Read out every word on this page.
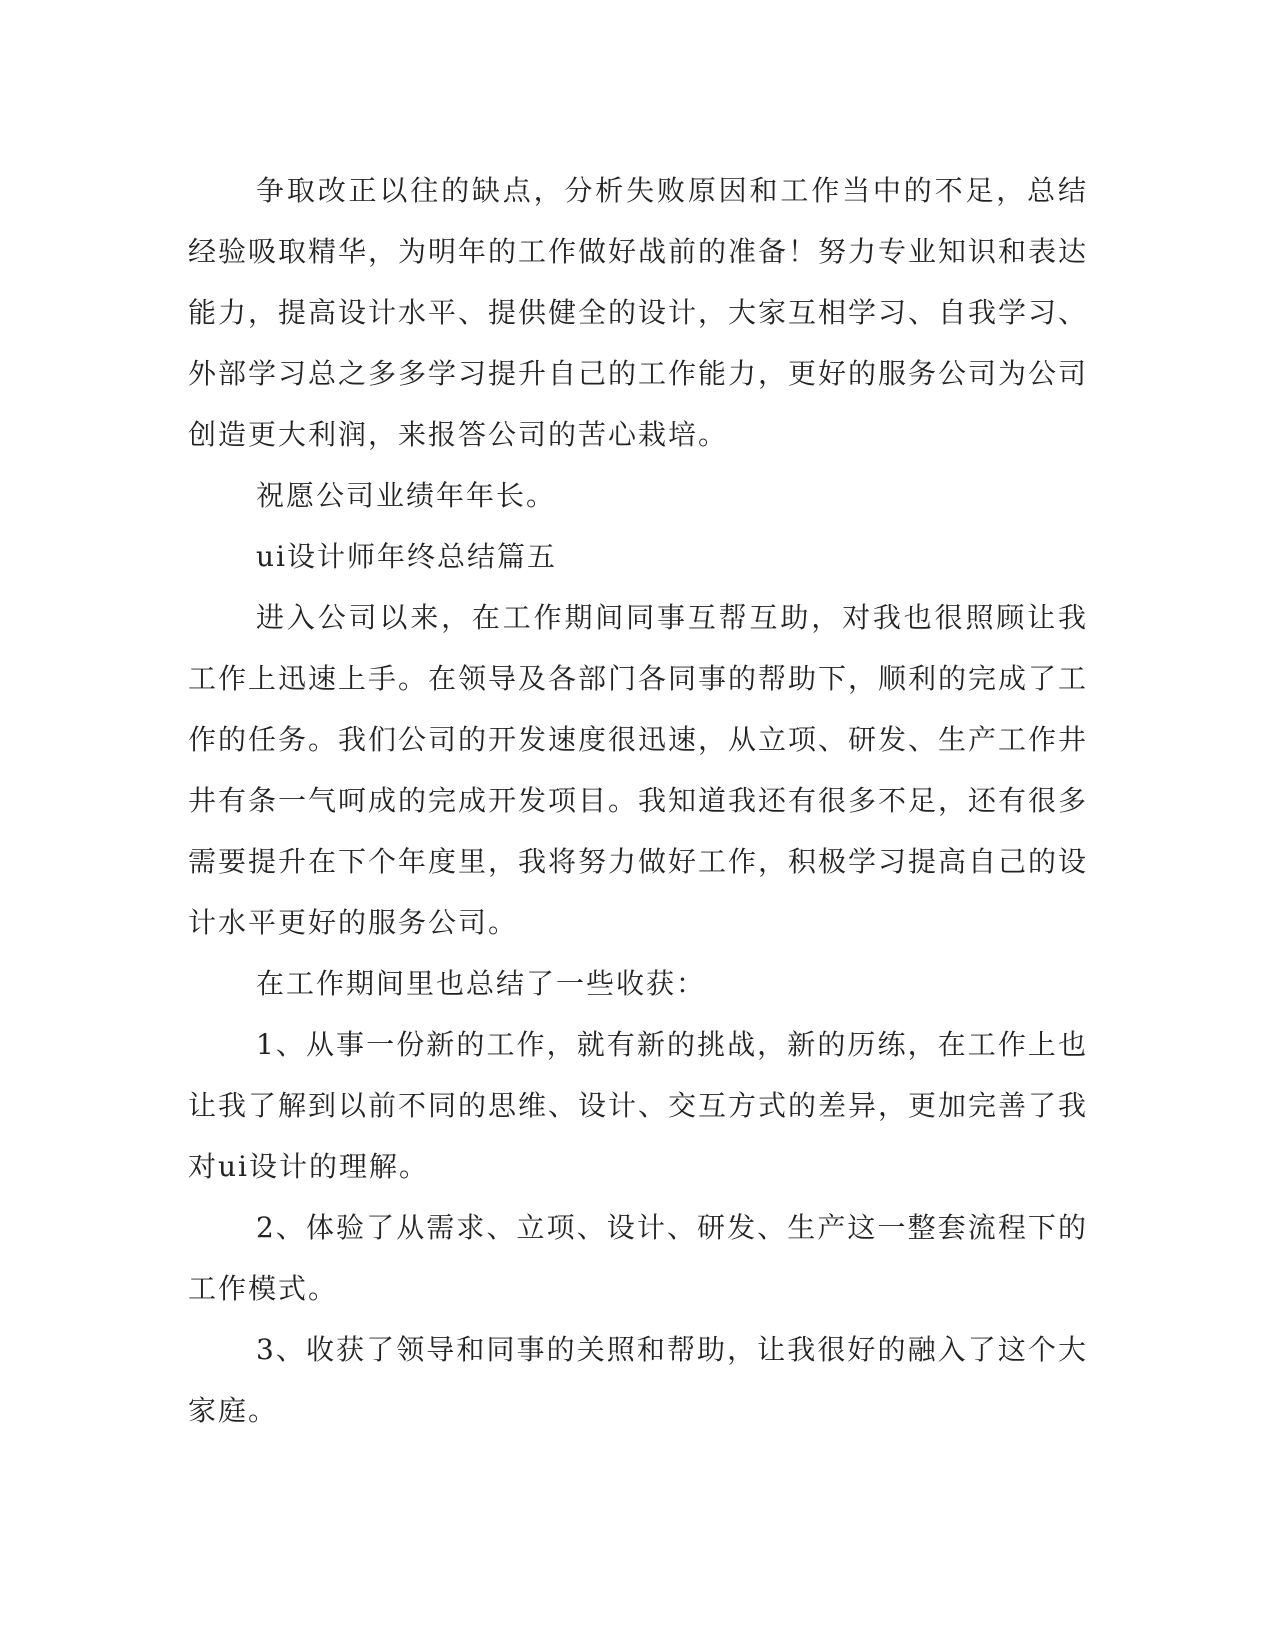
争取改正以往的缺点，分析失败原因和工作当中的不足，总结经验吸取精华，为明年的工作做好战前的准备！努力专业知识和表达能力，提高设计水平、提供健全的设计，大家互相学习、自我学习、外部学习总之多多学习提升自己的工作能力，更好的服务公司为公司创造更大利润，来报答公司的苦心栽培。

祝愿公司业绩年年长。

ui设计师年终总结篇五

进入公司以来，在工作期间同事互帮互助，对我也很照顾让我工作上迅速上手。在领导及各部门各同事的帮助下，顺利的完成了工作的任务。我们公司的开发速度很迅速，从立项、研发、生产工作井井有条一气呵成的完成开发项目。我知道我还有很多不足，还有很多需要提升在下个年度里，我将努力做好工作，积极学习提高自己的设计水平更好的服务公司。

在工作期间里也总结了一些收获：

1、从事一份新的工作，就有新的挑战，新的历练，在工作上也让我了解到以前不同的思维、设计、交互方式的差异，更加完善了我对ui设计的理解。

2、体验了从需求、立项、设计、研发、生产这一整套流程下的工作模式。

3、收获了领导和同事的关照和帮助，让我很好的融入了这个大家庭。
